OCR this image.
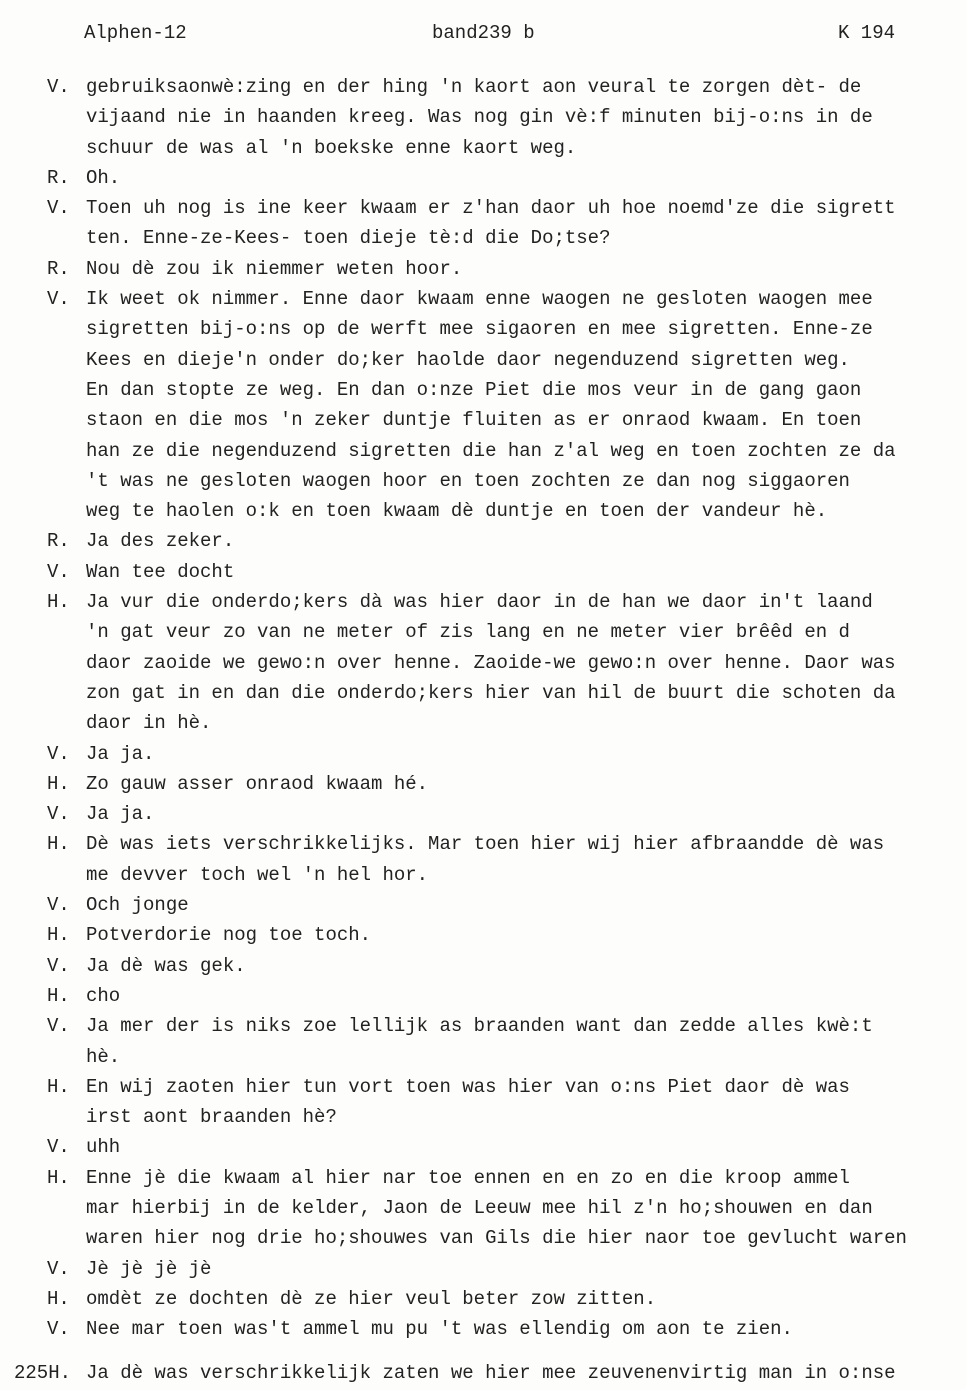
Alphen-12	band239 b	K 194
V. gebruiksaonwè:zing en der hing 'n kaort aon veural te zorgen dèt- de
vijaand nie in haanden kreeg. Was nog gin vè:f minuten bij-o:ns in de
schuur de was al 'n boekske enne kaort weg.
R. Oh.
V. Toen uh nog is ine keer kwaam er z'han daor uh hoe noemd'ze die sigrett
ten. Enne-ze-Kees- toen dieje tè:d die Do;tse?
R. Nou dè zou ik niemmer weten hoor.
V. Ik weet ok nimmer. Enne daor kwaam enne waogen ne gesloten waogen mee
sigretten bij-o:ns op de werft mee sigaoren en mee sigretten. Enne-ze
Kees en dieje'n onder do;ker haolde daor negenduzend sigretten weg.
En dan stopte ze weg. En dan o:nze Piet die mos veur in de gang gaon
staon en die mos 'n zeker duntje fluiten as er onraod kwaam. En toen
han ze die negenduzend sigretten die han z'al weg en toen zochten ze da
't was ne gesloten waogen hoor en toen zochten ze dan nog siggaoren
weg te haolen o:k en toen kwaam dè duntje en toen der vandeur hè.
R. Ja des zeker.
V. Wan tee docht
H. Ja vur die onderdo;kers dà was hier daor in de han we daor in't laand
'n gat veur zo van ne meter of zis lang en ne meter vier brêêd en d
daor zaoide we gewo:n over henne. Zaoide-we gewo:n over henne. Daor was
zon gat in en dan die onderdo;kers hier van hil de buurt die schoten da
daor in hè.
V. Ja ja.
H. Zo gauw asser onraod kwaam hé.
V. Ja ja.
H. Dè was iets verschrikkelijks. Mar toen hier wij hier afbraandde dè was
me devver toch wel 'n hel hor.
V. Och jonge
H. Potverdorie nog toe toch.
V. Ja dè was gek.
H. cho
V. Ja mer der is niks zoe lellijk as braanden want dan zedde alles kwè:t
hè.
H. En wij zaoten hier tun vort toen was hier van o:ns Piet daor dè was
irst aont braanden hè?
V. uhh
H. Enne jè die kwaam al hier nar toe ennen en en zo en die kroop ammel
mar hierbij in de kelder, Jaon de Leeuw mee hil z'n ho;shouwen en dan
waren hier nog drie ho;shouwes van Gils die hier naor toe gevlucht waren
V. Jè jè jè jè
H. omdèt ze dochten dè ze hier veul beter zow zitten.
V. Nee mar toen was't ammel mu pu 't was ellendig om aon te zien.
225H. Ja dè was verschrikkelijk zaten we hier mee zeuvenenvirtig man in o:nse
